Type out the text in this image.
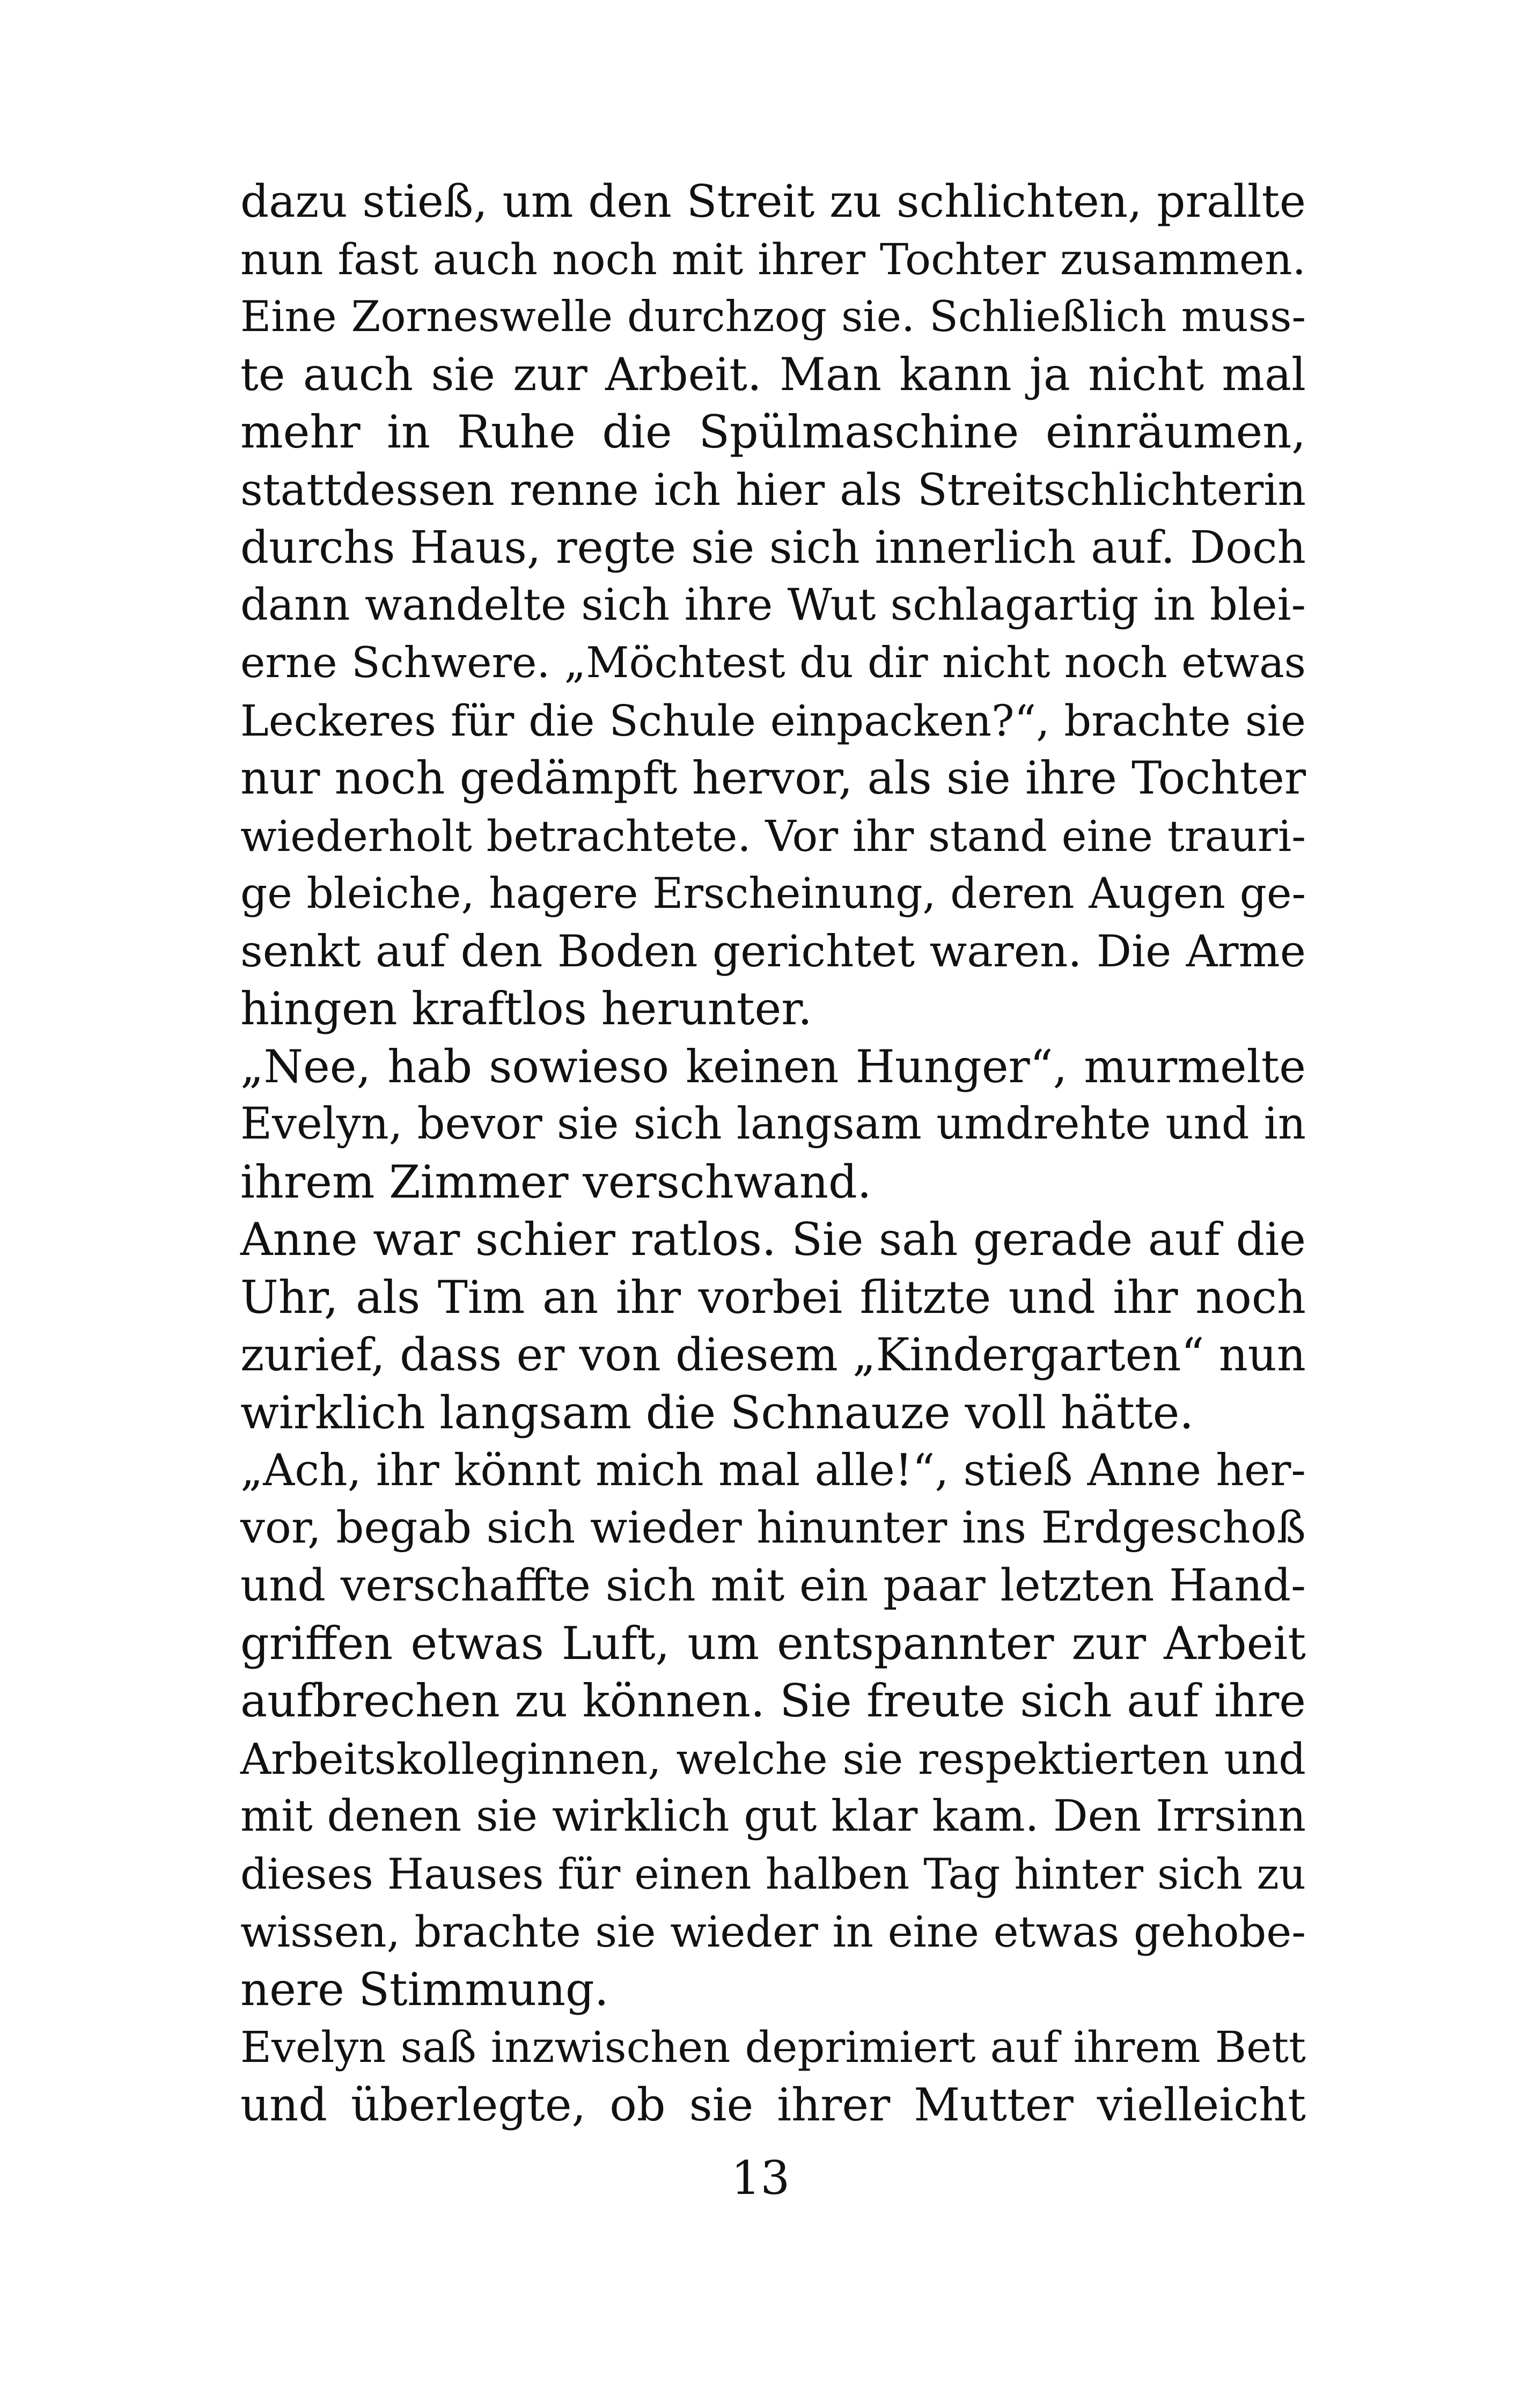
dazu stieß, um den Streit zu schlichten, prallte
nun fast auch noch mit ihrer Tochter zusammen.
Eine Zorneswelle durchzog sie. Schließlich muss-
te auch sie zur Arbeit. Man kann ja nicht mal
mehr in Ruhe die Spülmaschine einräumen,
stattdessen renne ich hier als Streitschlichterin
durchs Haus, regte sie sich innerlich auf. Doch
dann wandelte sich ihre Wut schlagartig in blei-
erne Schwere. „Möchtest du dir nicht noch etwas
Leckeres für die Schule einpacken?“, brachte sie
nur noch gedämpft hervor, als sie ihre Tochter
wiederholt betrachtete. Vor ihr stand eine trauri-
ge bleiche, hagere Erscheinung, deren Augen ge-
senkt auf den Boden gerichtet waren. Die Arme
hingen kraftlos herunter.
„Nee, hab sowieso keinen Hunger“, murmelte
Evelyn, bevor sie sich langsam umdrehte und in
ihrem Zimmer verschwand.
Anne war schier ratlos. Sie sah gerade auf die
Uhr, als Tim an ihr vorbei flitzte und ihr noch
zurief, dass er von diesem „Kindergarten“ nun
wirklich langsam die Schnauze voll hätte.
„Ach, ihr könnt mich mal alle!“, stieß Anne her-
vor, begab sich wieder hinunter ins Erdgeschoß
und verschaffte sich mit ein paar letzten Hand-
griffen etwas Luft, um entspannter zur Arbeit
aufbrechen zu können. Sie freute sich auf ihre
Arbeitskolleginnen, welche sie respektierten und
mit denen sie wirklich gut klar kam. Den Irrsinn
dieses Hauses für einen halben Tag hinter sich zu
wissen, brachte sie wieder in eine etwas gehobe-
nere Stimmung.
Evelyn saß inzwischen deprimiert auf ihrem Bett
und überlegte, ob sie ihrer Mutter vielleicht
13
